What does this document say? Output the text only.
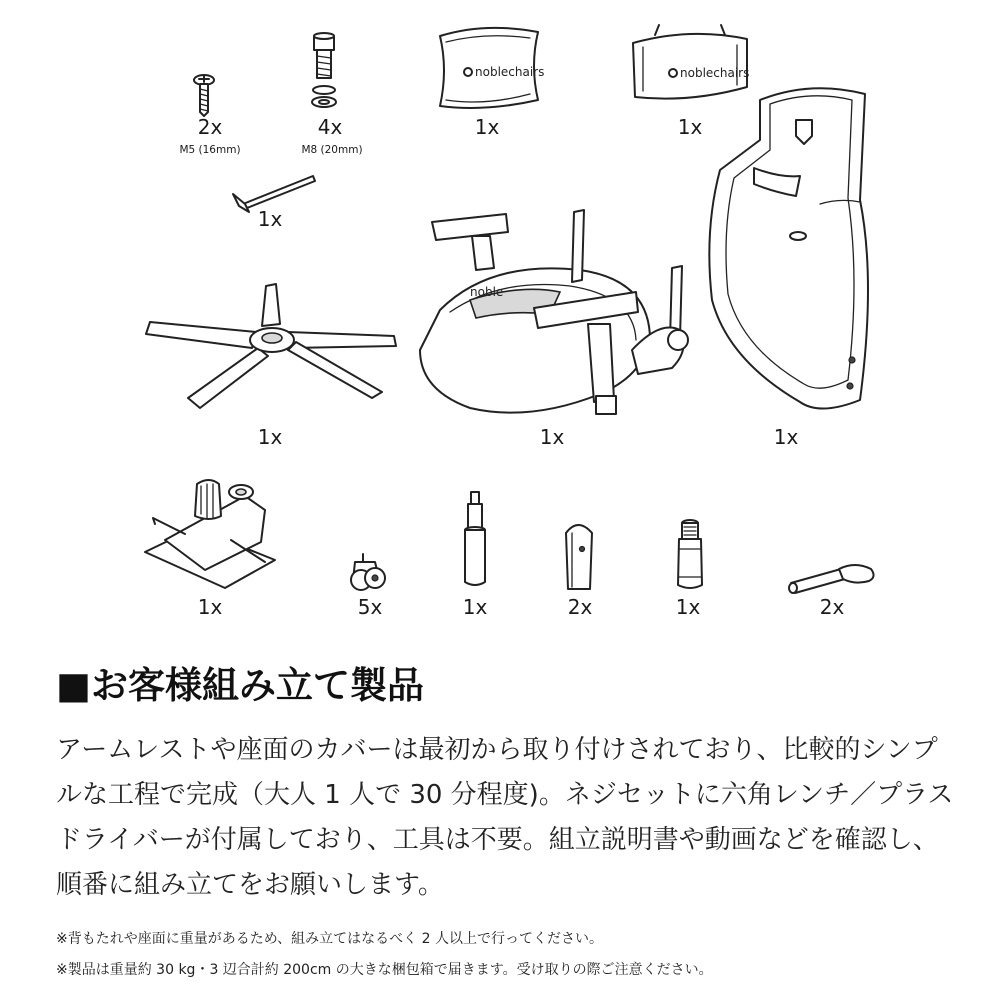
2x
M5 (16mm)
4x
M8 (20mm)
noblechairs
1x
noblechairs
1x
1x
1x
1x
noble
1x
1x	5x	1x	2x	1x	2x
■お客様組み立て製品

アームレストや座面のカバーは最初から取り付けされており、比較的シンプルな工程で完成（大人 1 人で 30 分程度)。ネジセットに六角レンチ／プラスドライバーが付属しており、工具は不要。組立説明書や動画などを確認し、順番に組み立てをお願いします。

※背もたれや座面に重量があるため、組み立てはなるべく 2 人以上で行ってください。
※製品は重量約 30 kg・3 辺合計約 200cm の大きな梱包箱で届きます。受け取りの際ご注意ください。
